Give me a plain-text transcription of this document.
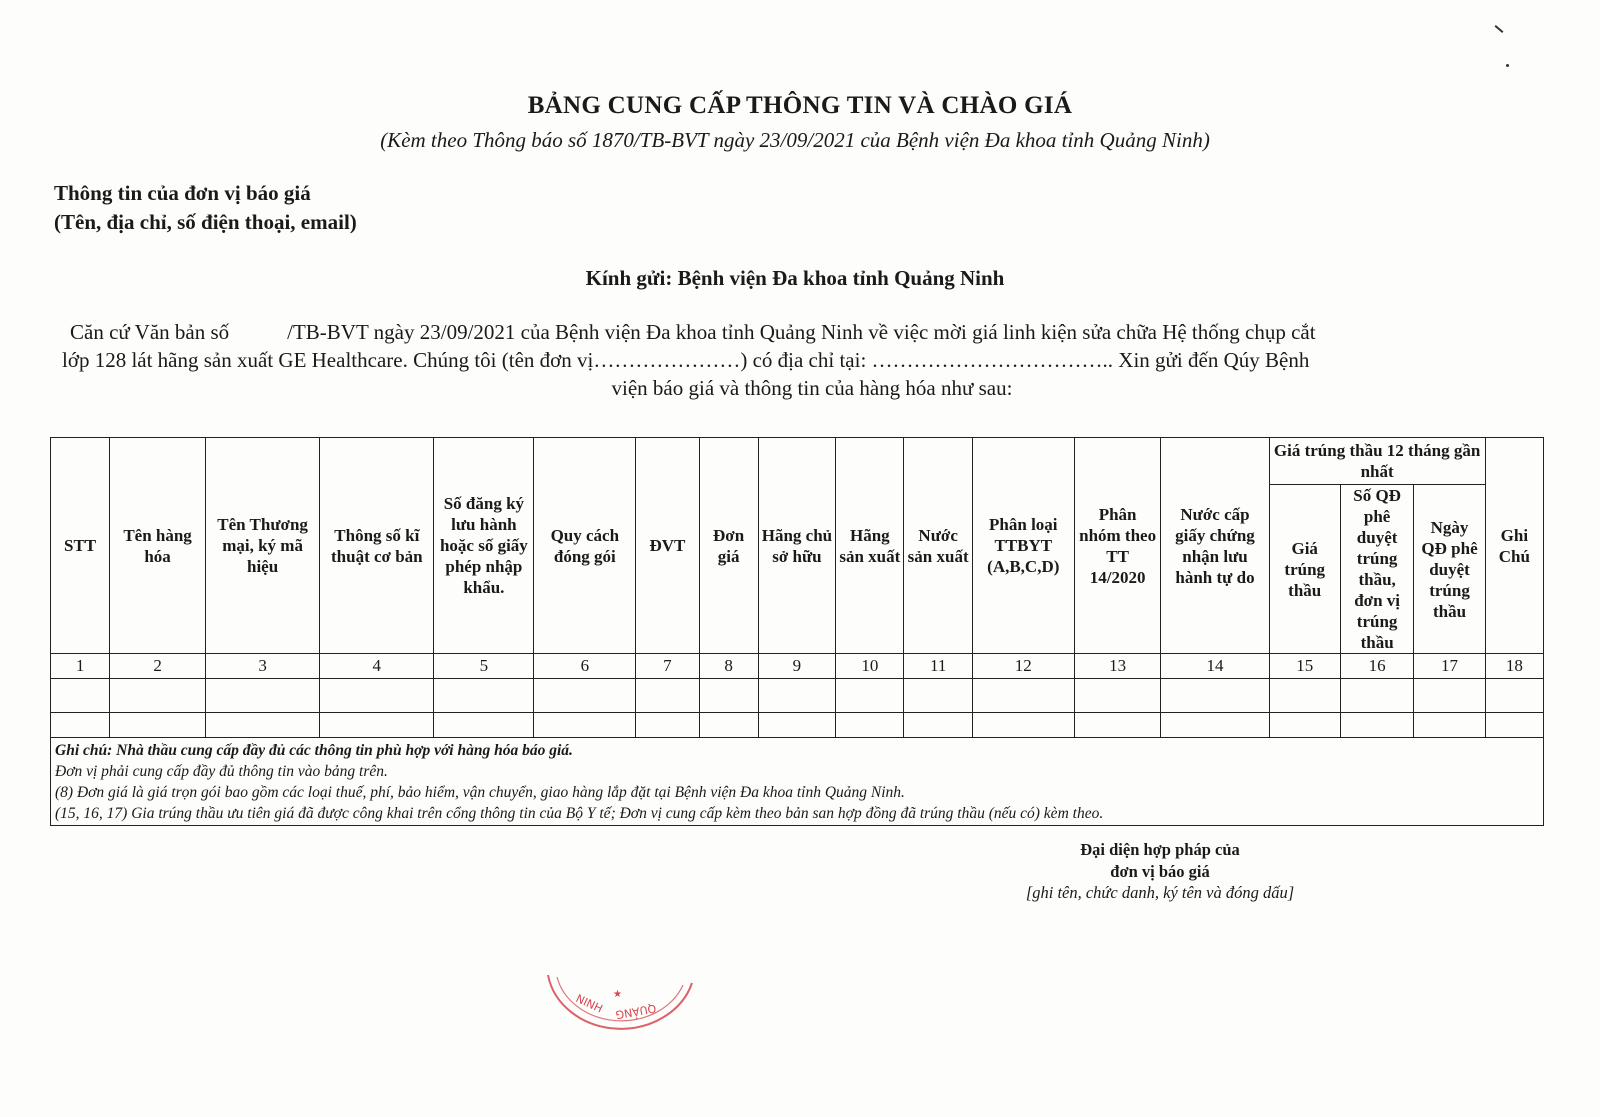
BẢNG CUNG CẤP THÔNG TIN VÀ CHÀO GIÁ
(Kèm theo Thông báo số 1870/TB-BVT ngày 23/09/2021 của Bệnh viện Đa khoa tỉnh Quảng Ninh)
Thông tin của đơn vị báo giá
(Tên, địa chỉ, số điện thoại, email)
Kính gửi: Bệnh viện Đa khoa tỉnh Quảng Ninh
Căn cứ Văn bản số	/TB-BVT ngày 23/09/2021 của Bệnh viện Đa khoa tỉnh Quảng Ninh về việc mời giá linh kiện sửa chữa Hệ thống chụp cắt
lớp 128 lát hãng sản xuất GE Healthcare. Chúng tôi (tên đơn vị…………………) có địa chỉ tại: …………………………….. Xin gửi đến Qúy Bệnh
viện báo giá và thông tin của hàng hóa như sau:
STT	Tên hàng hóa	Tên Thương mại, ký mã hiệu	Thông số kĩ thuật cơ bản	Số đăng ký lưu hành hoặc số giấy phép nhập khẩu.	Quy cách đóng gói	ĐVT	Đơn giá	Hãng chủ sở hữu	Hãng sản xuất	Nước sản xuất	Phân loại TTBYT (A,B,C,D)	Phân nhóm theo TT 14/2020	Nước cấp giấy chứng nhận lưu hành tự do	Giá trúng thầu 12 tháng gần nhất			Ghi Chú
														Giá trúng thầu	Số QĐ phê duyệt trúng thầu, đơn vị trúng thầu	Ngày QĐ phê duyệt trúng thầu	
1	2	3	4	5	6	7	8	9	10	11	12	13	14	15	16	17	18

Ghi chú: Nhà thầu cung cấp đầy đủ các thông tin phù hợp với hàng hóa báo giá.
Đơn vị phải cung cấp đầy đủ thông tin vào bảng trên.
(8) Đơn giá là giá trọn gói bao gồm các loại thuế, phí, bảo hiểm, vận chuyển, giao hàng lắp đặt tại Bệnh viện Đa khoa tỉnh Quảng Ninh.
(15, 16, 17) Gia trúng thầu ưu tiên giá đã được công khai trên cổng thông tin của Bộ Y tế; Đơn vị cung cấp kèm theo bản san hợp đồng đã trúng thầu (nếu có) kèm theo.																	
Đại diện hợp pháp của
đơn vị báo giá
[ghi tên, chức danh, ký tên và đóng dấu]
NINH QUẢNG
★
